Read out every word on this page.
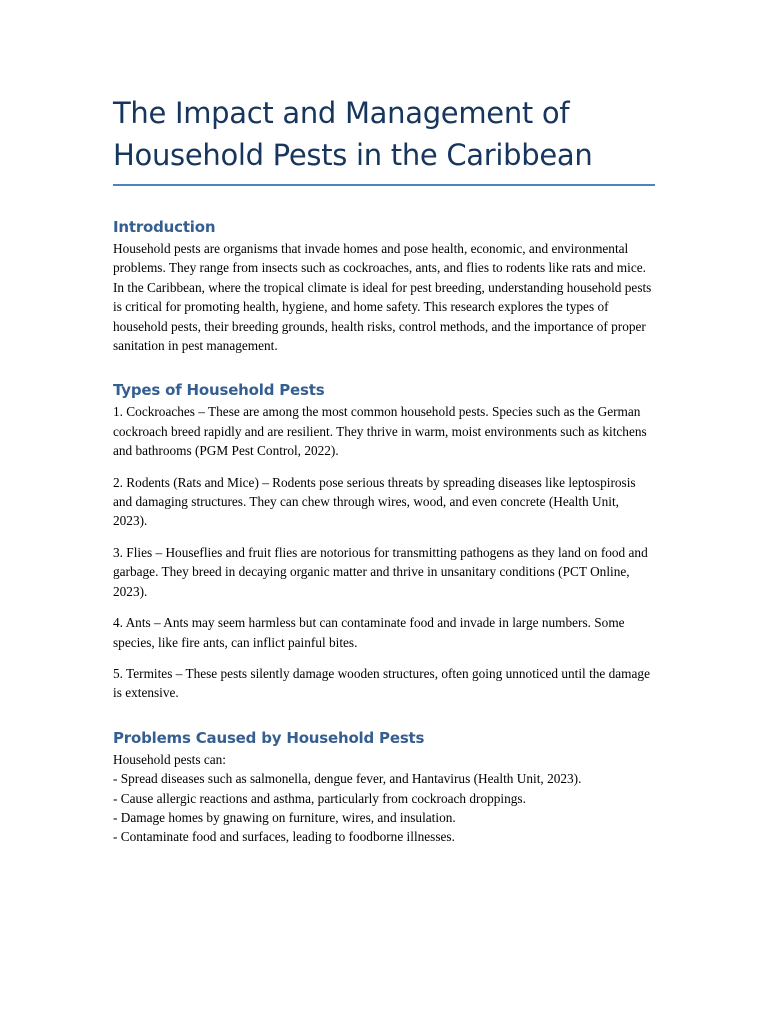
The Impact and Management of Household Pests in the Caribbean
Introduction

Household pests are organisms that invade homes and pose health, economic, and environmental problems. They range from insects such as cockroaches, ants, and flies to rodents like rats and mice. In the Caribbean, where the tropical climate is ideal for pest breeding, understanding household pests is critical for promoting health, hygiene, and home safety. This research explores the types of household pests, their breeding grounds, health risks, control methods, and the importance of proper sanitation in pest management.

Types of Household Pests

1. Cockroaches – These are among the most common household pests. Species such as the German cockroach breed rapidly and are resilient. They thrive in warm, moist environments such as kitchens and bathrooms (PGM Pest Control, 2022).

2. Rodents (Rats and Mice) – Rodents pose serious threats by spreading diseases like leptospirosis and damaging structures. They can chew through wires, wood, and even concrete (Health Unit, 2023).

3. Flies – Houseflies and fruit flies are notorious for transmitting pathogens as they land on food and garbage. They breed in decaying organic matter and thrive in unsanitary conditions (PCT Online, 2023).

4. Ants – Ants may seem harmless but can contaminate food and invade in large numbers. Some species, like fire ants, can inflict painful bites.

5. Termites – These pests silently damage wooden structures, often going unnoticed until the damage is extensive.

Problems Caused by Household Pests

Household pests can:

- Spread diseases such as salmonella, dengue fever, and Hantavirus (Health Unit, 2023).

- Cause allergic reactions and asthma, particularly from cockroach droppings.

- Damage homes by gnawing on furniture, wires, and insulation.

- Contaminate food and surfaces, leading to foodborne illnesses.
